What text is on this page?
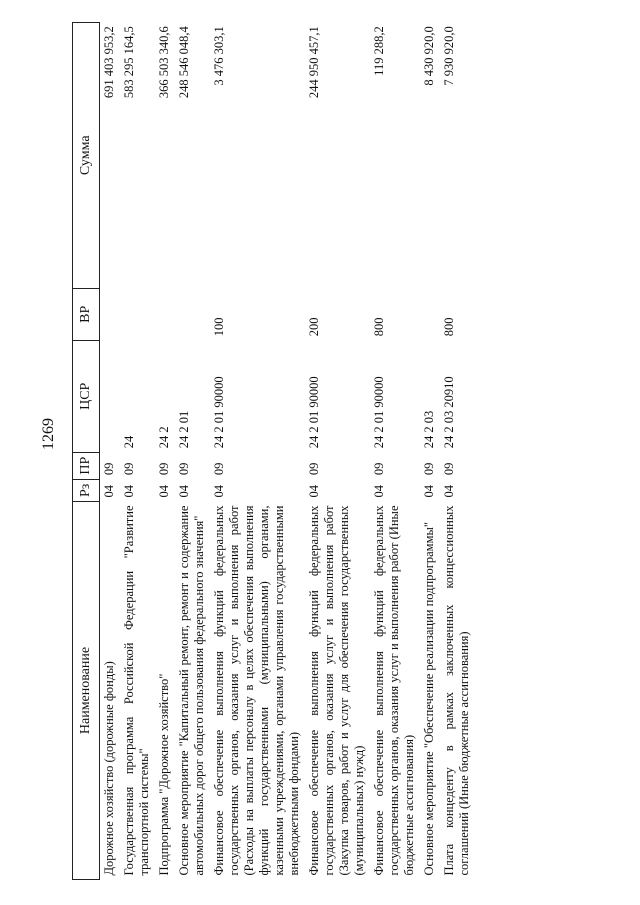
1269
Наименование	Рз	ПР	ЦСР	ВР	Сумма
Дорожное хозяйство (дорожные фонды)	04	09			691 403 953,2
Государственная программа Российской Федерации "Развитие транспортной системы"	04	09	24		583 295 164,5
Подпрограмма "Дорожное хозяйство"	04	09	24 2		366 503 340,6
Основное мероприятие "Капитальный ремонт, ремонт и содержание автомобильных дорог общего пользования федерального значения"	04	09	24 2 01		248 546 048,4
Финансовое обеспечение выполнения функций федеральных государственных органов, оказания услуг и выполнения работ (Расходы на выплаты персоналу в целях обеспечения выполнения функций государственными (муниципальными) органами, казенными учреждениями, органами управления государственными внебюджетными фондами)	04	09	24 2 01 90000	100	3 476 303,1
Финансовое обеспечение выполнения функций федеральных государственных органов, оказания услуг и выполнения работ (Закупка товаров, работ и услуг для обеспечения государственных (муниципальных) нужд)	04	09	24 2 01 90000	200	244 950 457,1
Финансовое обеспечение выполнения функций федеральных государственных органов, оказания услуг и выполнения работ (Иные бюджетные ассигнования)	04	09	24 2 01 90000	800	119 288,2
Основное мероприятие "Обеспечение реализации подпрограммы"	04	09	24 2 03		8 430 920,0
Плата концеденту в рамках заключенных концессионных соглашений (Иные бюджетные ассигнования)	04	09	24 2 03 20910	800	7 930 920,0
